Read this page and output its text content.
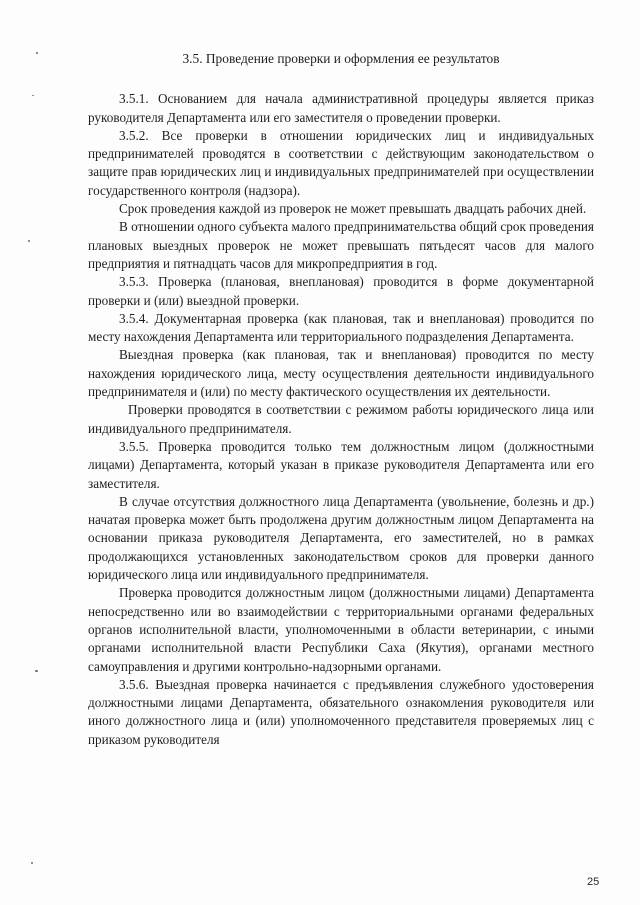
3.5. Проведение проверки и оформления ее результатов

3.5.1. Основанием для начала административной процедуры является приказ руководителя Департамента или его заместителя о проведении проверки.

3.5.2. Все проверки в отношении юридических лиц и индивидуальных предпринимателей проводятся в соответствии с действующим законодательством о защите прав юридических лиц и индивидуальных предпринимателей при осуществлении государственного контроля (надзора).

Срок проведения каждой из проверок не может превышать двадцать рабочих дней.

В отношении одного субъекта малого предпринимательства общий срок проведения плановых выездных проверок не может превышать пятьдесят часов для малого предприятия и пятнадцать часов для микропредприятия в год.

3.5.3. Проверка (плановая, внеплановая) проводится в форме документарной проверки и (или) выездной проверки.

3.5.4. Документарная проверка (как плановая, так и внеплановая) проводится по месту нахождения Департамента или территориального подразделения Департамента.

Выездная проверка (как плановая, так и внеплановая) проводится по месту нахождения юридического лица, месту осуществления деятельности индивидуального предпринимателя и (или) по месту фактического осуществления их деятельности.

Проверки проводятся в соответствии с режимом работы юридического лица или индивидуального предпринимателя.

3.5.5. Проверка проводится только тем должностным лицом (должностными лицами) Департамента, который указан в приказе руководителя Департамента или его заместителя.

В случае отсутствия должностного лица Департамента (увольнение, болезнь и др.) начатая проверка может быть продолжена другим должностным лицом Департамента на основании приказа руководителя Департамента, его заместителей, но в рамках продолжающихся установленных законодательством сроков для проверки данного юридического лица или индивидуального предпринимателя.

Проверка проводится должностным лицом (должностными лицами) Департамента непосредственно или во взаимодействии с территориальными органами федеральных органов исполнительной власти, уполномоченными в области ветеринарии, с иными органами исполнительной власти Республики Саха (Якутия), органами местного самоуправления и другими контрольно-надзорными органами.

3.5.6. Выездная проверка начинается с предъявления служебного удостоверения должностными лицами Департамента, обязательного ознакомления руководителя или иного должностного лица и (или) уполномоченного представителя проверяемых лиц с приказом руководителя

25
